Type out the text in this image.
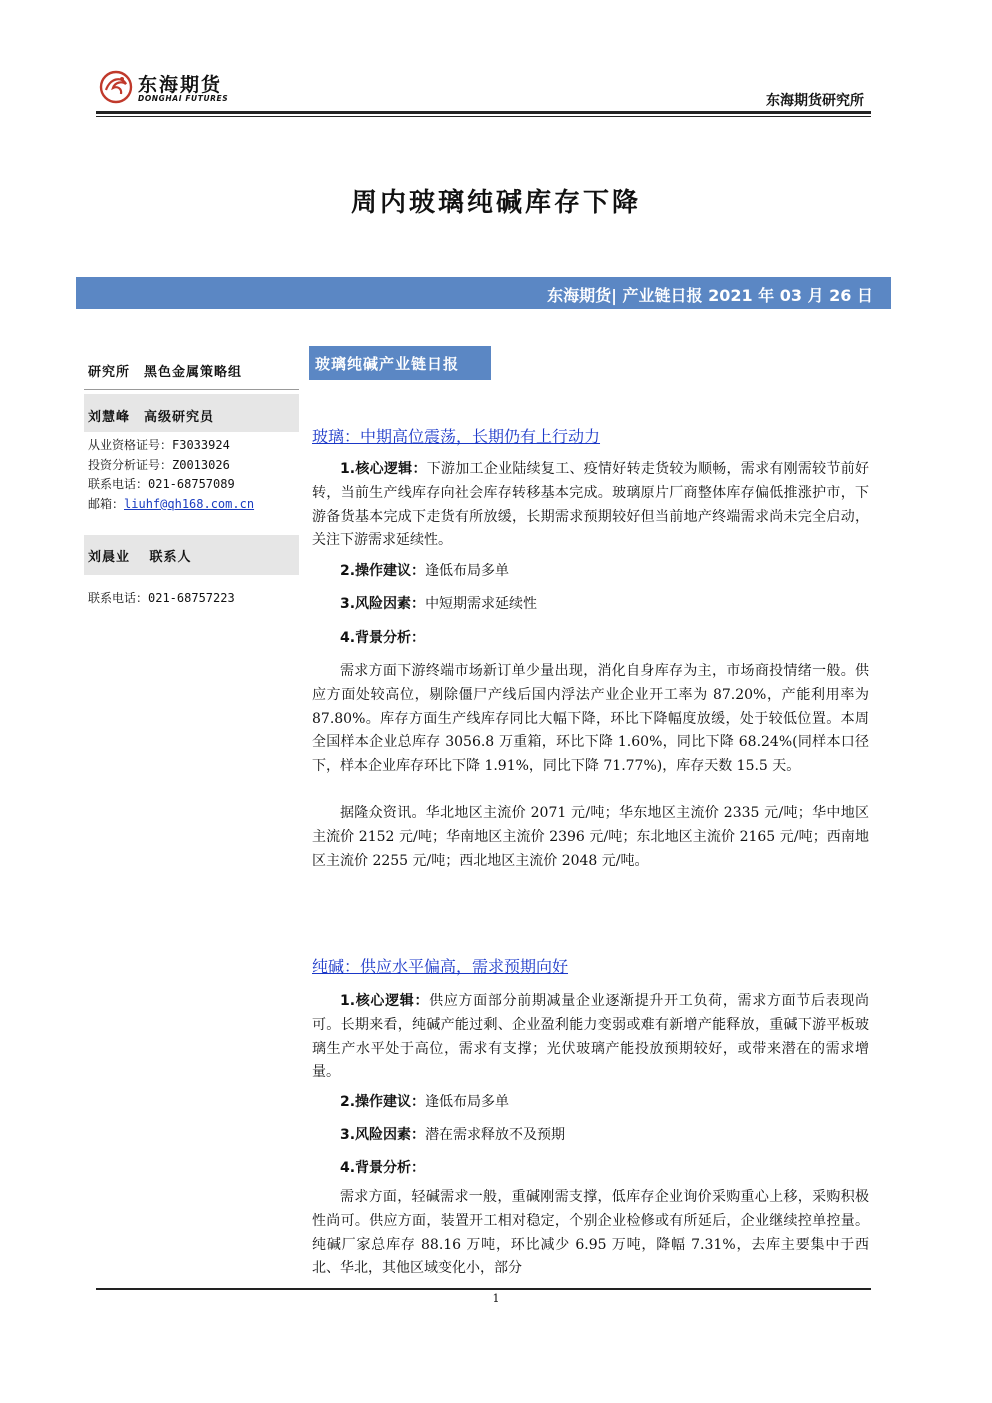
东海期货
DONGHAI FUTURES	东海期货研究所
周内玻璃纯碱库存下降
东海期货| 产业链日报 2021 年 03 月 26 日
研究所　黑色金属策略组
刘慧峰　高级研究员
从业资格证号：F3033924
投资分析证号：Z0013026
联系电话：021-68757089
邮箱：liuhf@qh168.com.cn
刘晨业　 联系人
联系电话：021-68757223
玻璃纯碱产业链日报
玻璃：中期高位震荡，长期仍有上行动力
1.核心逻辑：下游加工企业陆续复工、疫情好转走货较为顺畅，需求有刚需较节前好转，当前生产线库存向社会库存转移基本完成。玻璃原片厂商整体库存偏低推涨护市，下游备货基本完成下走货有所放缓，长期需求预期较好但当前地产终端需求尚未完全启动，关注下游需求延续性。
2.操作建议：逢低布局多单
3.风险因素：中短期需求延续性
4.背景分析：
需求方面下游终端市场新订单少量出现，消化自身库存为主，市场商投情绪一般。供应方面处较高位，剔除僵尸产线后国内浮法产业企业开工率为 87.20%，产能利用率为 87.80%。库存方面生产线库存同比大幅下降，环比下降幅度放缓，处于较低位置。本周全国样本企业总库存 3056.8 万重箱，环比下降 1.60%，同比下降 68.24%(同样本口径下，样本企业库存环比下降 1.91%，同比下降 71.77%)，库存天数 15.5 天。
据隆众资讯。华北地区主流价 2071 元/吨；华东地区主流价 2335 元/吨；华中地区主流价 2152 元/吨；华南地区主流价 2396 元/吨；东北地区主流价 2165 元/吨；西南地区主流价 2255 元/吨；西北地区主流价 2048 元/吨。
纯碱：供应水平偏高，需求预期向好
1.核心逻辑：供应方面部分前期减量企业逐渐提升开工负荷，需求方面节后表现尚可。长期来看，纯碱产能过剩、企业盈利能力变弱或难有新增产能释放，重碱下游平板玻璃生产水平处于高位，需求有支撑；光伏玻璃产能投放预期较好，或带来潜在的需求增量。
2.操作建议：逢低布局多单
3.风险因素：潜在需求释放不及预期
4.背景分析：
需求方面，轻碱需求一般，重碱刚需支撑，低库存企业询价采购重心上移，采购积极性尚可。供应方面，装置开工相对稳定，个别企业检修或有所延后，企业继续控单控量。纯碱厂家总库存 88.16 万吨，环比减少 6.95 万吨，降幅 7.31%，去库主要集中于西北、华北，其他区域变化小，部分
1
